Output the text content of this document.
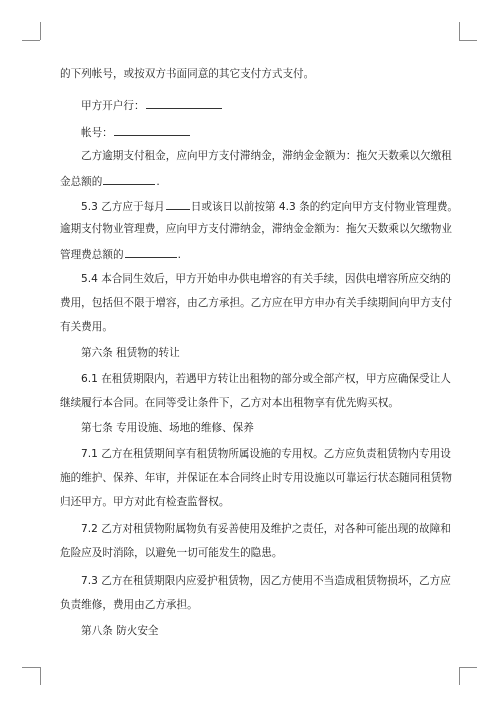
的下列帐号，或按双方书面同意的其它支付方式支付。
甲方开户行：
帐号：
乙方逾期支付租金，应向甲方支付滞纳金，滞纳金金额为：拖欠天数乘以欠缴租
金总额的	.
5.3 乙方应于每月 日或该日以前按第 4.3 条的约定向甲方支付物业管理费。
逾期支付物业管理费，应向甲方支付滞纳金，滞纳金金额为：拖欠天数乘以欠缴物业
管理费总额的	.
5.4 本合同生效后，甲方开始申办供电增容的有关手续，因供电增容所应交纳的
费用，包括但不限于增容，由乙方承担。乙方应在甲方申办有关手续期间向甲方支付
有关费用。
第六条 租赁物的转让
6.1 在租赁期限内，若遇甲方转让出租物的部分或全部产权，甲方应确保受让人
继续履行本合同。在同等受让条件下，乙方对本出租物享有优先购买权。
第七条 专用设施、场地的维修、保养
7.1 乙方在租赁期间享有租赁物所属设施的专用权。乙方应负责租赁物内专用设
施的维护、保养、年审，并保证在本合同终止时专用设施以可靠运行状态随同租赁物
归还甲方。甲方对此有检查监督权。
7.2 乙方对租赁物附属物负有妥善使用及维护之责任，对各种可能出现的故障和
危险应及时消除，以避免一切可能发生的隐患。
7.3 乙方在租赁期限内应爱护租赁物，因乙方使用不当造成租赁物损坏，乙方应
负责维修，费用由乙方承担。
第八条 防火安全
